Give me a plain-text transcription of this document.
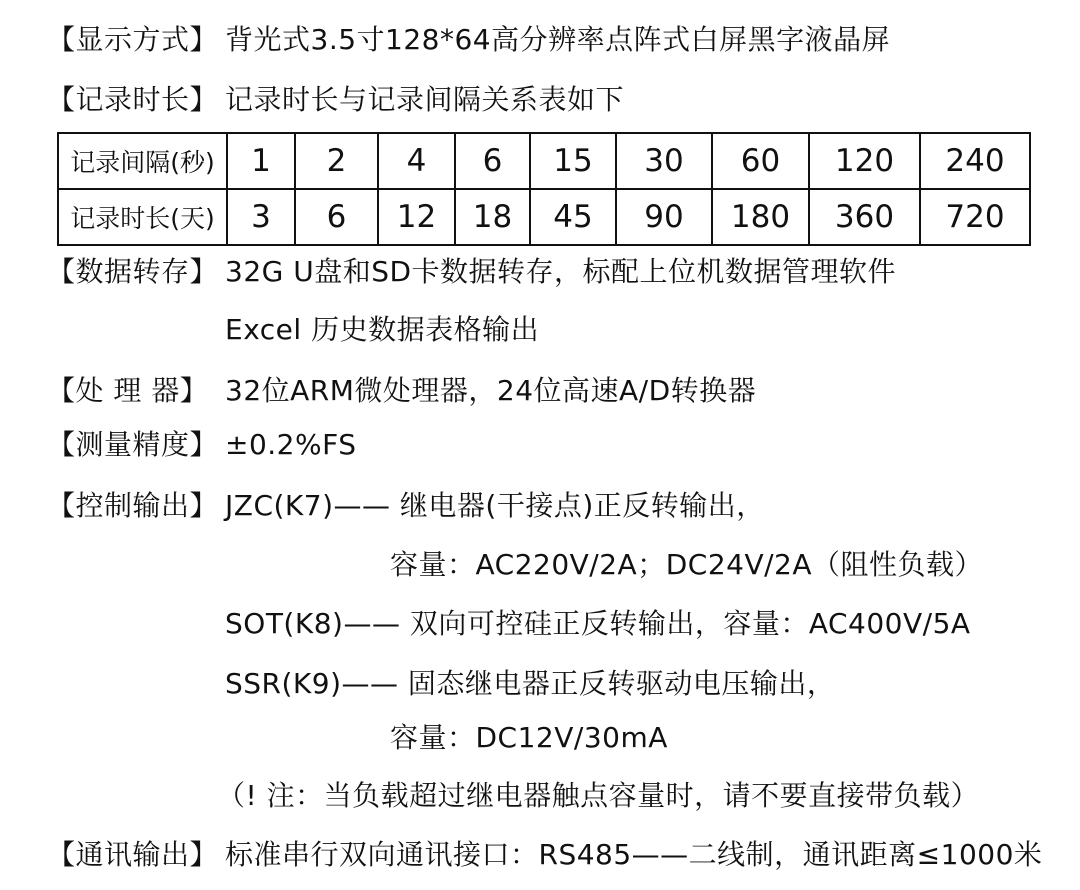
【显示方式】 背光式3.5寸128*64高分辨率点阵式白屏黑字液晶屏
【记录时长】 记录时长与记录间隔关系表如下
记录间隔(秒)	1	2	4	6	15	30	60	120	240
记录时长(天)	3	6	12	18	45	90	180	360	720
【数据转存】 32G U盘和SD卡数据转存，标配上位机数据管理软件
Excel 历史数据表格输出
【处 理 器】 32位ARM微处理器，24位高速A/D转换器
【测量精度】 ±0.2%FS
【控制输出】 JZC(K7)—— 继电器(干接点)正反转输出，
容量：AC220V/2A；DC24V/2A（阻性负载）
SOT(K8)—— 双向可控硅正反转输出，容量：AC400V/5A
SSR(K9)—— 固态继电器正反转驱动电压输出，
容量：DC12V/30mA
（! 注：当负载超过继电器触点容量时，请不要直接带负载）
【通讯输出】 标准串行双向通讯接口：RS485——二线制，通讯距离≤1000米
